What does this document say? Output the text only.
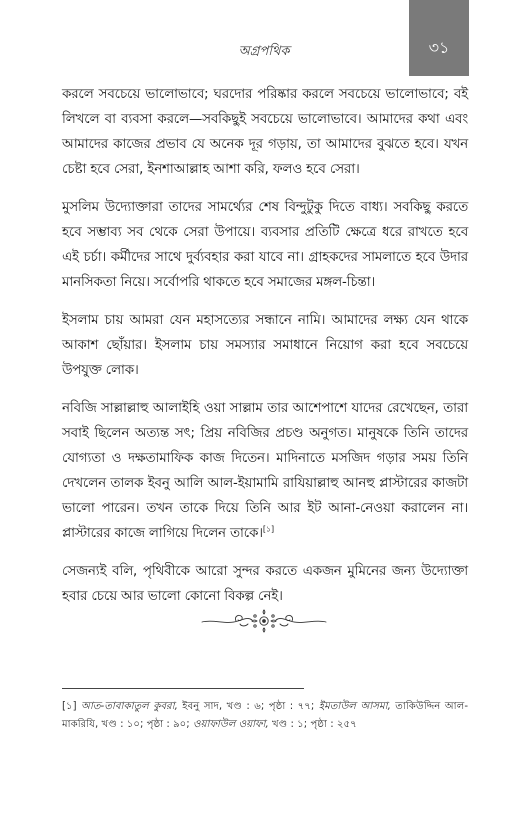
অগ্রপথিক	৩১

করলে সবচেয়ে ভালোভাবে; ঘরদোর পরিষ্কার করলে সবচেয়ে ভালোভাবে; বই লিখলে বা ব্যবসা করলে—সবকিছুই সবচেয়ে ভালোভাবে। আমাদের কথা এবং আমাদের কাজের প্রভাব যে অনেক দূর গড়ায়, তা আমাদের বুঝতে হবে। যখন চেষ্টা হবে সেরা, ইনশাআল্লাহ আশা করি, ফলও হবে সেরা।

মুসলিম উদ্যোক্তারা তাদের সামর্থ্যের শেষ বিন্দুটুকু দিতে বাধ্য। সবকিছু করতে হবে সম্ভাব্য সব থেকে সেরা উপায়ে। ব্যবসার প্রতিটি ক্ষেত্রে ধরে রাখতে হবে এই চর্চা। কর্মীদের সাথে দুর্ব্যবহার করা যাবে না। গ্রাহকদের সামলাতে হবে উদার মানসিকতা নিয়ে। সর্বোপরি থাকতে হবে সমাজের মঙ্গল-চিন্তা।

ইসলাম চায় আমরা যেন মহাসত্যের সন্ধানে নামি। আমাদের লক্ষ্য যেন থাকে আকাশ ছোঁয়ার। ইসলাম চায় সমস্যার সমাধানে নিয়োগ করা হবে সবচেয়ে উপযুক্ত লোক।

নবিজি সাল্লাল্লাহু আলাইহি ওয়া সাল্লাম তার আশেপাশে যাদের রেখেছেন, তারা সবাই ছিলেন অত্যন্ত সৎ; প্রিয় নবিজির প্রচণ্ড অনুগত। মানুষকে তিনি তাদের যোগ্যতা ও দক্ষতামাফিক কাজ দিতেন। মাদিনাতে মসজিদ গড়ার সময় তিনি দেখলেন তালক ইবনু আলি আল-ইয়ামামি রাযিয়াল্লাহু আনহু প্লাস্টারের কাজটা ভালো পারেন। তখন তাকে দিয়ে তিনি আর ইট আনা-নেওয়া করালেন না। প্লাস্টারের কাজে লাগিয়ে দিলেন তাকে।[১]

সেজন্যই বলি, পৃথিবীকে আরো সুন্দর করতে একজন মুমিনের জন্য উদ্যোক্তা হবার চেয়ে আর ভালো কোনো বিকল্প নেই।

[১] আত-তাবাকাতুল কুবরা, ইবনু সাদ, খণ্ড : ৬; পৃষ্ঠা : ৭৭; ইমতাউল আসমা, তাকিউদ্দিন আল-মাকরিযি, খণ্ড : ১০; পৃষ্ঠা : ৯০; ওয়াফাউল ওয়াফা, খণ্ড : ১; পৃষ্ঠা : ২৫৭
